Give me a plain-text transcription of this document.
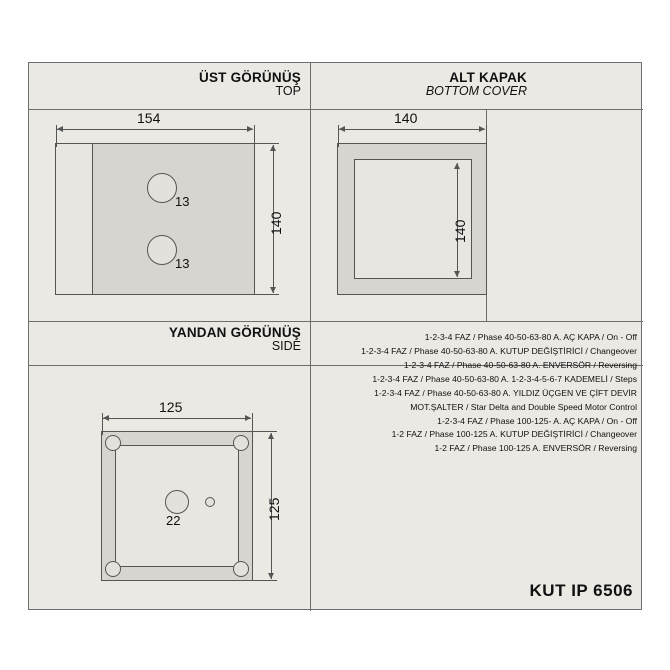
ÜST GÖRÜNÜŞ
TOP
ALT KAPAK
BOTTOM COVER
YANDAN GÖRÜNÜŞ
SIDE
13
13
154
140
140
140
22
125
125
1-2-3-4 FAZ / Phase 40-50-63-80 A. AÇ KAPA / On - Off
1-2-3-4 FAZ / Phase 40-50-63-80 A. KUTUP DEĞİŞTİRİCİ / Changeover
1-2-3-4 FAZ / Phase 40-50-63-80 A. ENVERSÖR / Reversing
1-2-3-4 FAZ / Phase 40-50-63-80 A. 1-2-3-4-5-6-7 KADEMELİ / Steps
1-2-3-4 FAZ / Phase 40-50-63-80 A. YILDIZ ÜÇGEN VE ÇİFT DEVİR
MOT.ŞALTER / Star Delta and Double Speed Motor Control
1-2-3-4 FAZ / Phase 100-125- A. AÇ KAPA / On - Off
1-2 FAZ / Phase 100-125 A. KUTUP DEĞİŞTİRİCİ / Changeover
1-2 FAZ / Phase 100-125 A. ENVERSÖR / Reversing
KUT IP 6506
